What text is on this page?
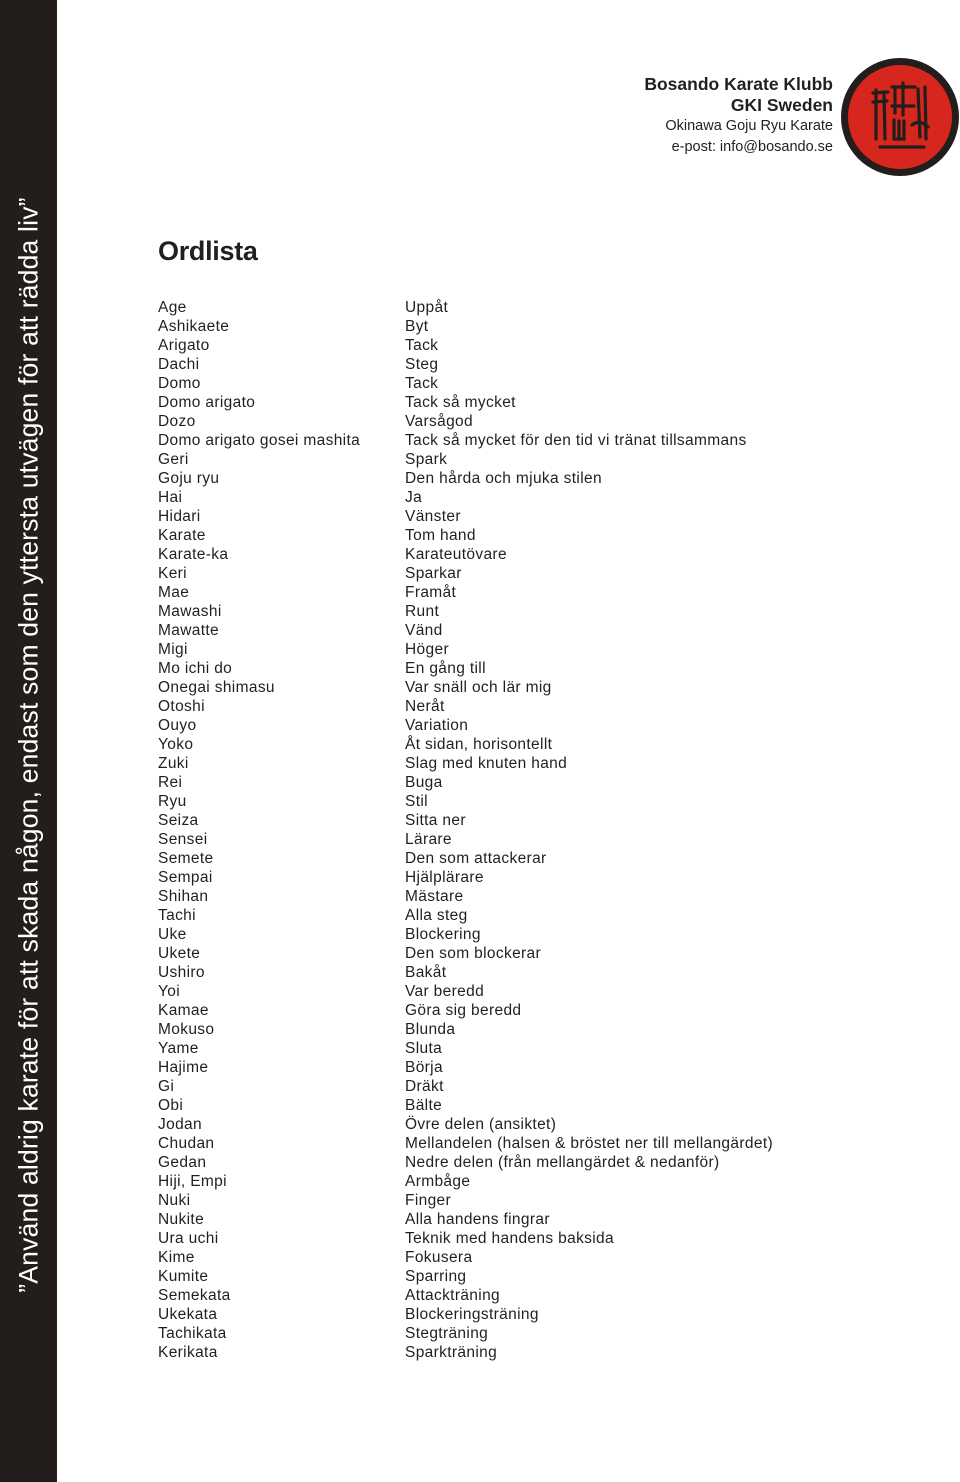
”Använd aldrig karate för att skada någon, endast som den yttersta utvägen för att rädda liv”
Bosando Karate Klubb
GKI Sweden
Okinawa Goju Ryu Karate
e-post: info@bosando.se
Ordlista
Age	Uppåt
Ashikaete	Byt
Arigato	Tack
Dachi	Steg
Domo	Tack
Domo arigato	Tack så mycket
Dozo	Varsågod
Domo arigato gosei mashita	Tack så mycket för den tid vi tränat tillsammans
Geri	Spark
Goju ryu	Den hårda och mjuka stilen
Hai	Ja
Hidari	Vänster
Karate	Tom hand
Karate-ka	Karateutövare
Keri	Sparkar
Mae	Framåt
Mawashi	Runt
Mawatte	Vänd
Migi	Höger
Mo ichi do	En gång till
Onegai shimasu	Var snäll och lär mig
Otoshi	Neråt
Ouyo	Variation
Yoko	Åt sidan, horisontellt
Zuki	Slag med knuten hand
Rei	Buga
Ryu	Stil
Seiza	Sitta ner
Sensei	Lärare
Semete	Den som attackerar
Sempai	Hjälplärare
Shihan	Mästare
Tachi	Alla steg
Uke	Blockering
Ukete	Den som blockerar
Ushiro	Bakåt
Yoi	Var beredd
Kamae	Göra sig beredd
Mokuso	Blunda
Yame	Sluta
Hajime	Börja
Gi	Dräkt
Obi	Bälte
Jodan	Övre delen (ansiktet)
Chudan	Mellandelen (halsen & bröstet ner till mellangärdet)
Gedan	Nedre delen (från mellangärdet & nedanför)
Hiji, Empi	Armbåge
Nuki	Finger
Nukite	Alla handens fingrar
Ura uchi	Teknik med handens baksida
Kime	Fokusera
Kumite	Sparring
Semekata	Attackträning
Ukekata	Blockeringsträning
Tachikata	Stegträning
Kerikata	Sparkträning
